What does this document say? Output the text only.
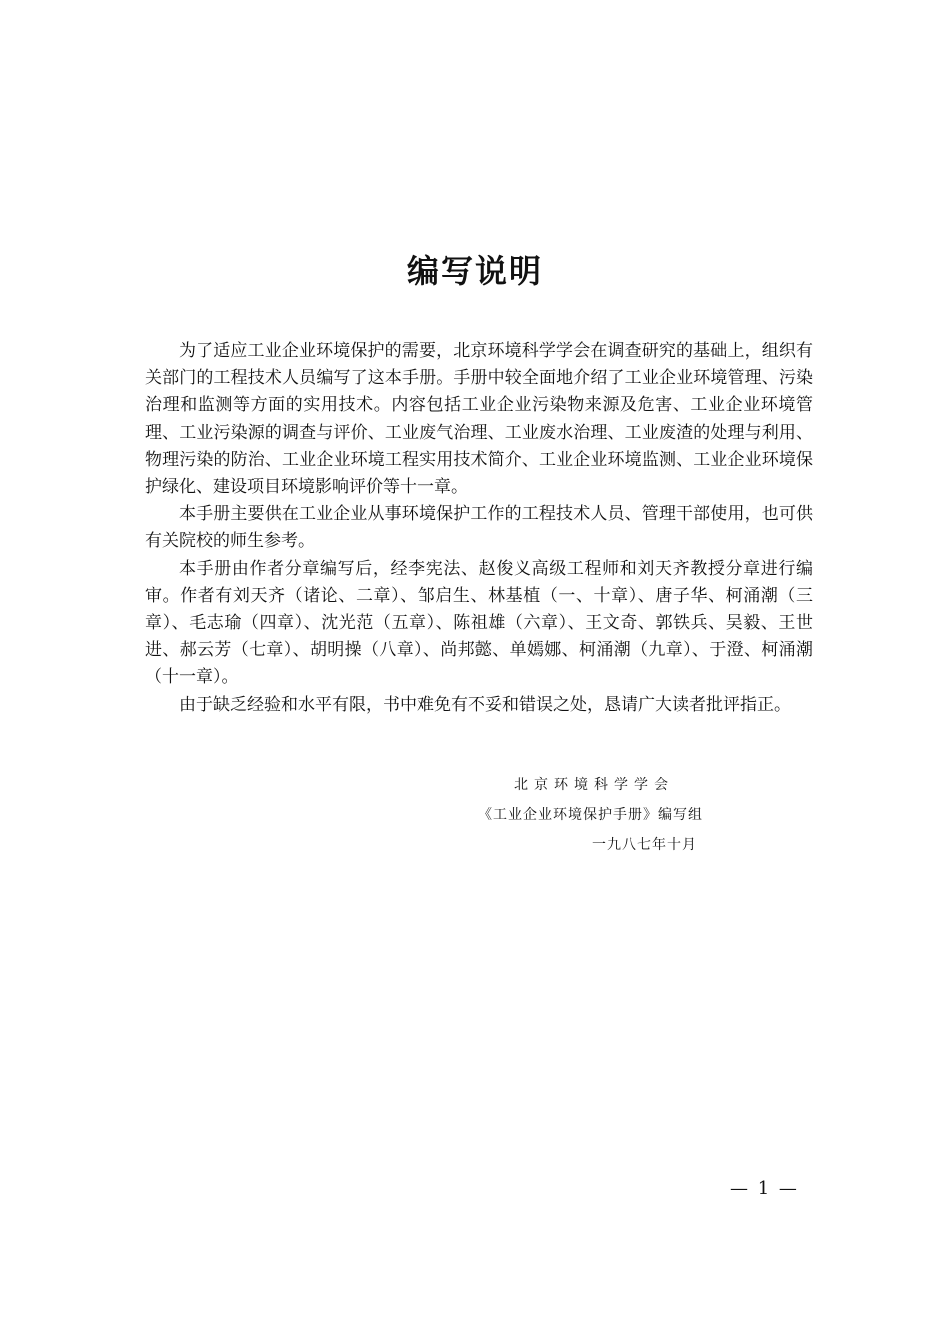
编写说明

为了适应工业企业环境保护的需要，北京环境科学学会在调查研究的基础上，组织有关部门的工程技术人员编写了这本手册。手册中较全面地介绍了工业企业环境管理、污染治理和监测等方面的实用技术。内容包括工业企业污染物来源及危害、工业企业环境管理、工业污染源的调查与评价、工业废气治理、工业废水治理、工业废渣的处理与利用、物理污染的防治、工业企业环境工程实用技术简介、工业企业环境监测、工业企业环境保护绿化、建设项目环境影响评价等十一章。

本手册主要供在工业企业从事环境保护工作的工程技术人员、管理干部使用，也可供有关院校的师生参考。

本手册由作者分章编写后，经李宪法、赵俊义高级工程师和刘天齐教授分章进行编审。作者有刘天齐（诸论、二章）、邹启生、林基植（一、十章）、唐子华、柯涌潮（三章）、毛志瑜（四章）、沈光范（五章）、陈祖雄（六章）、王文奇、郭铁兵、吴毅、王世进、郝云芳（七章）、胡明操（八章）、尚邦懿、单嫣娜、柯涌潮（九章）、于澄、柯涌潮（十一章）。

由于缺乏经验和水平有限，书中难免有不妥和错误之处，恳请广大读者批评指正。

北京环境科学学会
《工业企业环境保护手册》编写组
一九八七年十月
— 1 —
